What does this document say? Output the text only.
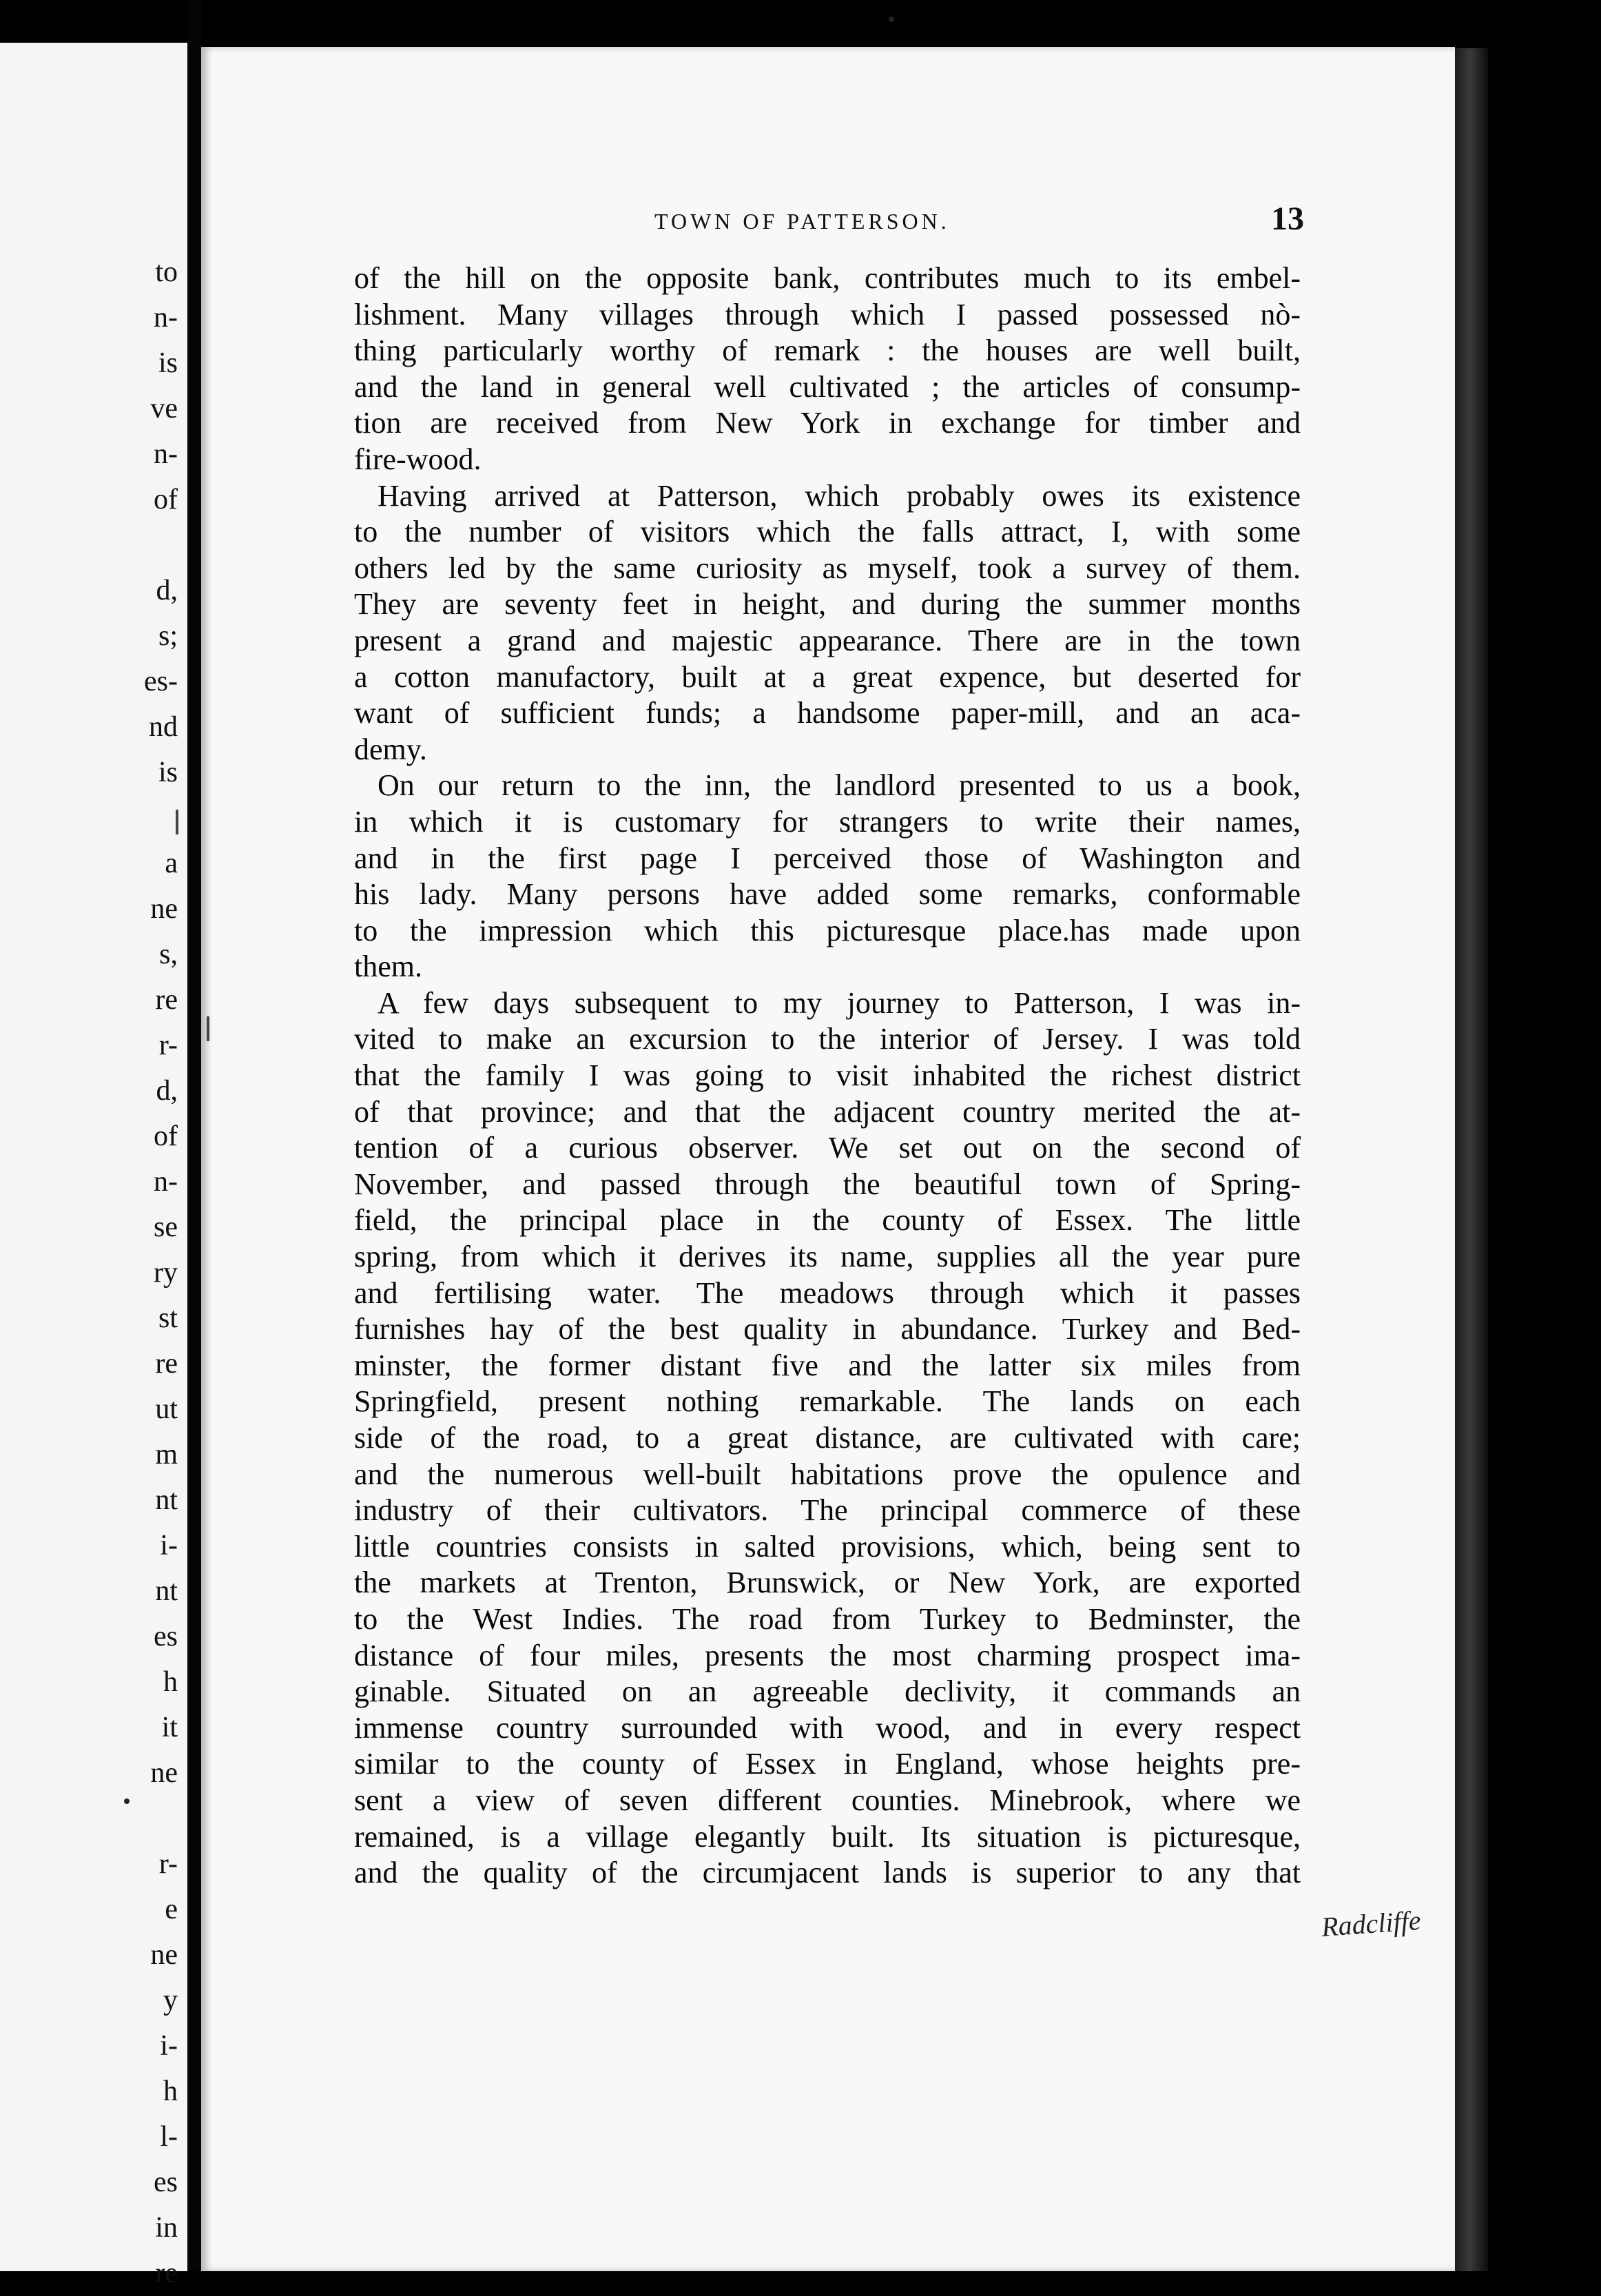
to
n-
is
ve
n-
of
d,
s;
es-
nd
is
a
ne
s,
re
r-
d,
of
n-
se
ry
st
re
ut
m
nt
i-
nt
es
h
it
ne
r-
e
ne
y
i-
h
l-
es
in
re
TOWN OF PATTERSON.	13
of the hill on the opposite bank, contributes much to its embel-
lishment. Many villages through which I passed possessed nò-
thing particularly worthy of remark : the houses are well built,
and the land in general well cultivated ; the articles of consump-
tion are received from New York in exchange for timber and
fire-wood.
Having arrived at Patterson, which probably owes its existence
to the number of visitors which the falls attract, I, with some
others led by the same curiosity as myself, took a survey of them.
They are seventy feet in height, and during the summer months
present a grand and majestic appearance. There are in the town
a cotton manufactory, built at a great expence, but deserted for
want of sufficient funds; a handsome paper-mill, and an aca-
demy.
On our return to the inn, the landlord presented to us a book,
in which it is customary for strangers to write their names,
and in the first page I perceived those of Washington and
his lady. Many persons have added some remarks, conformable
to the impression which this picturesque place.has made upon
them.
A few days subsequent to my journey to Patterson, I was in-
vited to make an excursion to the interior of Jersey. I was told
that the family I was going to visit inhabited the richest district
of that province; and that the adjacent country merited the at-
tention of a curious observer. We set out on the second of
November, and passed through the beautiful town of Spring-
field, the principal place in the county of Essex. The little
spring, from which it derives its name, supplies all the year pure
and fertilising water. The meadows through which it passes
furnishes hay of the best quality in abundance. Turkey and Bed-
minster, the former distant five and the latter six miles from
Springfield, present nothing remarkable. The lands on each
side of the road, to a great distance, are cultivated with care;
and the numerous well-built habitations prove the opulence and
industry of their cultivators. The principal commerce of these
little countries consists in salted provisions, which, being sent to
the markets at Trenton, Brunswick, or New York, are exported
to the West Indies. The road from Turkey to Bedminster, the
distance of four miles, presents the most charming prospect ima-
ginable. Situated on an agreeable declivity, it commands an
immense country surrounded with wood, and in every respect
similar to the county of Essex in England, whose heights pre-
sent a view of seven different counties. Minebrook, where we
remained, is a village elegantly built. Its situation is picturesque,
and the quality of the circumjacent lands is superior to any that
Radcliffe
